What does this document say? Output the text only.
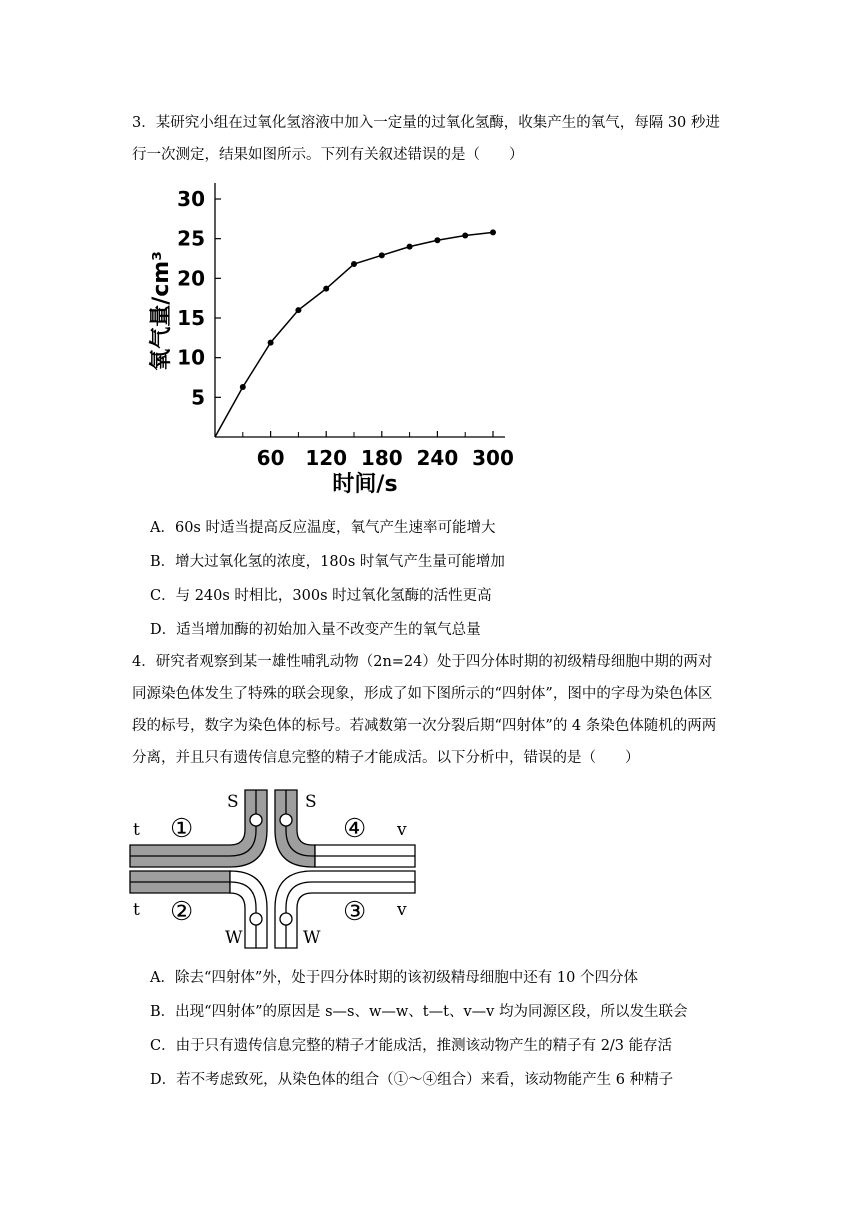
3．某研究小组在过氧化氢溶液中加入一定量的过氧化氢酶，收集产生的氧气，每隔 30 秒进
行一次测定，结果如图所示。下列有关叙述错误的是（　　）
5
10
15
20
25
30
60 120 180 240 300
氧气量/cm³
时间/s
A．60s 时适当提高反应温度，氧气产生速率可能增大
B．增大过氧化氢的浓度，180s 时氧气产生量可能增加
C．与 240s 时相比，300s 时过氧化氢酶的活性更高
D．适当增加酶的初始加入量不改变产生的氧气总量
4．研究者观察到某一雄性哺乳动物（2n=24）处于四分体时期的初级精母细胞中期的两对
同源染色体发生了特殊的联会现象，形成了如下图所示的“四射体”，图中的字母为染色体区
段的标号，数字为染色体的标号。若减数第一次分裂后期“四射体”的 4 条染色体随机的两两
分离，并且只有遗传信息完整的精子才能成活。以下分析中，错误的是（　　）
S	S
t
t
v
v
W	W
①
②	③
④
A．除去“四射体”外，处于四分体时期的该初级精母细胞中还有 10 个四分体
B．出现“四射体”的原因是 s—s、w—w、t—t、v—v 均为同源区段，所以发生联会
C．由于只有遗传信息完整的精子才能成活，推测该动物产生的精子有 2/3 能存活
D．若不考虑致死，从染色体的组合（①～④组合）来看，该动物能产生 6 种精子
